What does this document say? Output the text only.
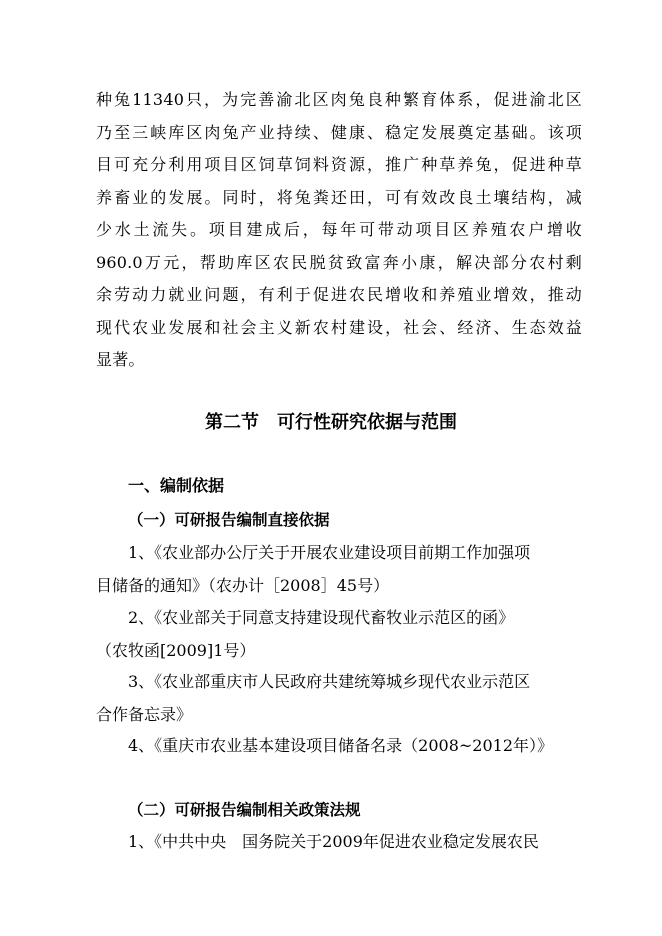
种兔11340只，为完善渝北区肉兔良种繁育体系，促进渝北区
乃至三峡库区肉兔产业持续、健康、稳定发展奠定基础。该项
目可充分利用项目区饲草饲料资源，推广种草养兔，促进种草
养畜业的发展。同时，将兔粪还田，可有效改良土壤结构，减
少水土流失。项目建成后，每年可带动项目区养殖农户增收
960.0万元，帮助库区农民脱贫致富奔小康，解决部分农村剩
余劳动力就业问题，有利于促进农民增收和养殖业增效，推动
现代农业发展和社会主义新农村建设，社会、经济、生态效益
显著。
第二节　可行性研究依据与范围
一、编制依据
（一）可研报告编制直接依据
1、《农业部办公厅关于开展农业建设项目前期工作加强项
目储备的通知》（农办计［2008］45号）
2、《农业部关于同意支持建设现代畜牧业示范区的函》
（农牧函[2009]1号）
3、《农业部重庆市人民政府共建统筹城乡现代农业示范区
合作备忘录》
4、《重庆市农业基本建设项目储备名录（2008~2012年）》
（二）可研报告编制相关政策法规
1、《中共中央　国务院关于2009年促进农业稳定发展农民
